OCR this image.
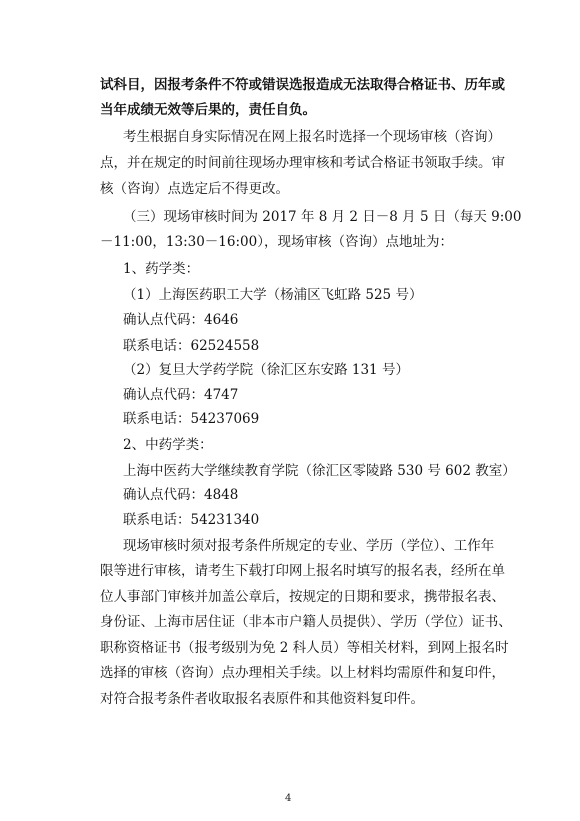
试科目，因报考条件不符或错误选报造成无法取得合格证书、历年或
当年成绩无效等后果的，责任自负。
考生根据自身实际情况在网上报名时选择一个现场审核（咨询）
点，并在规定的时间前往现场办理审核和考试合格证书领取手续。审
核（咨询）点选定后不得更改。
（三）现场审核时间为 2017 年 8 月 2 日－8 月 5 日（每天 9:00
－11:00，13:30－16:00），现场审核（咨询）点地址为：
1、药学类：
（1）上海医药职工大学（杨浦区飞虹路 525 号）
确认点代码：4646
联系电话：62524558
（2）复旦大学药学院（徐汇区东安路 131 号）
确认点代码：4747
联系电话：54237069
2、中药学类：
上海中医药大学继续教育学院（徐汇区零陵路 530 号 602 教室）
确认点代码：4848
联系电话：54231340
现场审核时须对报考条件所规定的专业、学历（学位）、工作年
限等进行审核，请考生下载打印网上报名时填写的报名表，经所在单
位人事部门审核并加盖公章后，按规定的日期和要求，携带报名表、
身份证、上海市居住证（非本市户籍人员提供）、学历（学位）证书、
职称资格证书（报考级别为免 2 科人员）等相关材料，到网上报名时
选择的审核（咨询）点办理相关手续。以上材料均需原件和复印件，
对符合报考条件者收取报名表原件和其他资料复印件。
4
